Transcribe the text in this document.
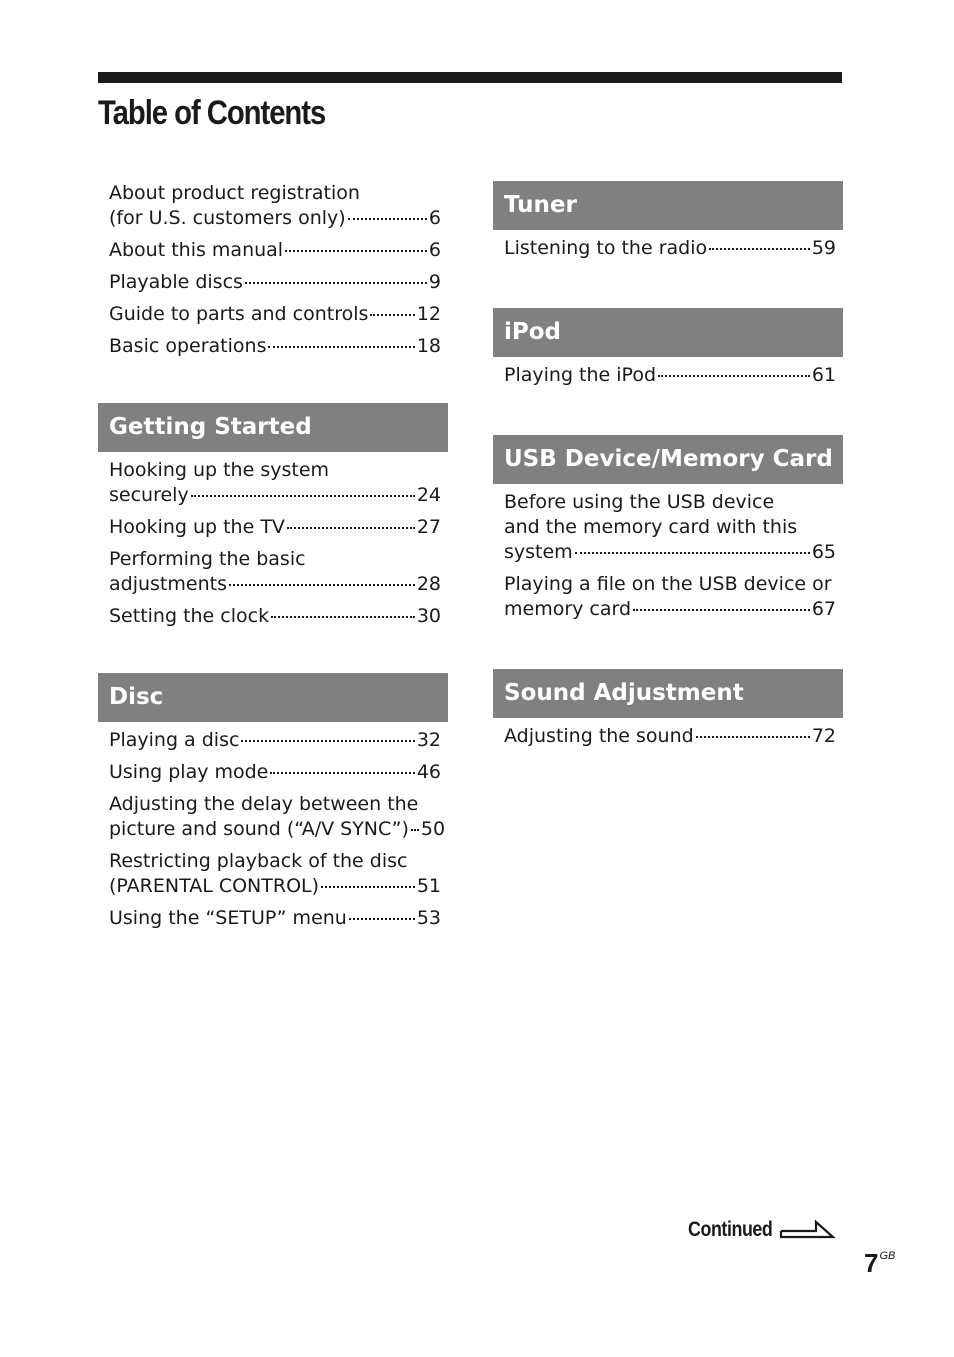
Table of Contents
About product registration
(for U.S. customers only)	6
About this manual	6
Playable discs	9
Guide to parts and controls	12
Basic operations	18
Getting Started
Hooking up the system
securely	24
Hooking up the TV	27
Performing the basic
adjustments	28
Setting the clock	30
Disc
Playing a disc	32
Using play mode	46
Adjusting the delay between the
picture and sound (“A/V SYNC”) 50
Restricting playback of the disc
(PARENTAL CONTROL)	51
Using the “SETUP” menu	53
Tuner
Listening to the radio	59
iPod
Playing the iPod	61
USB Device/Memory Card
Before using the USB device
and the memory card with this
system	65
Playing a file on the USB device or
memory card	67
Sound Adjustment
Adjusting the sound	72
Continued
$7^{GB}$
